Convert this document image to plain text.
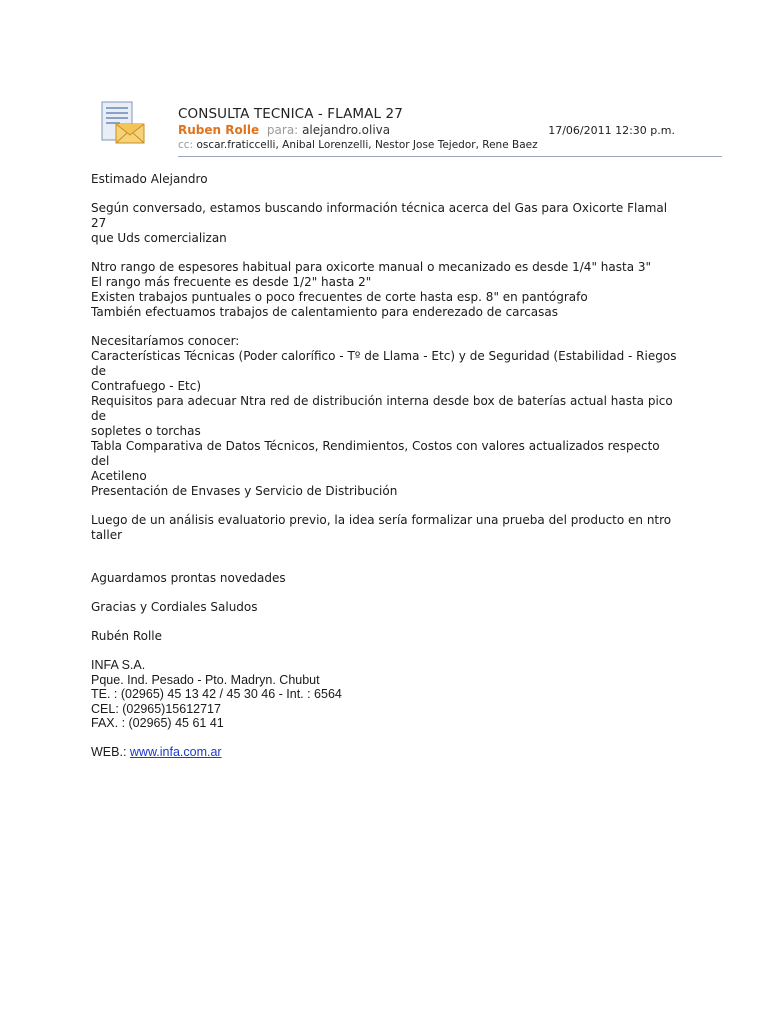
CONSULTA TECNICA - FLAMAL 27
Ruben Rolle para: alejandro.oliva	17/06/2011 12:30 p.m.
cc: oscar.fraticcelli, Anibal Lorenzelli, Nestor Jose Tejedor, Rene Baez

Estimado Alejandro

Según conversado, estamos buscando información técnica acerca del Gas para Oxicorte Flamal 27

que Uds comercializan

Ntro rango de espesores habitual para oxicorte manual o mecanizado es desde 1/4" hasta 3"

El rango más frecuente es desde 1/2" hasta 2"

Existen trabajos puntuales o poco frecuentes de corte hasta esp. 8" en pantógrafo

También efectuamos trabajos de calentamiento para enderezado de carcasas

Necesitaríamos conocer:

Características Técnicas (Poder calorífico - Tº de Llama - Etc) y de Seguridad (Estabilidad - Riegos de

Contrafuego - Etc)

Requisitos para adecuar Ntra red de distribución interna desde box de baterías actual hasta pico de

sopletes o torchas

Tabla Comparativa de Datos Técnicos, Rendimientos, Costos con valores actualizados respecto del

Acetileno

Presentación de Envases y Servicio de Distribución

Luego de un análisis evaluatorio previo, la idea sería formalizar una prueba del producto en ntro taller

Aguardamos prontas novedades

Gracias y Cordiales Saludos

Rubén Rolle

INFA S.A.

Pque. Ind. Pesado - Pto. Madryn. Chubut

TE. : (02965) 45 13 42 / 45 30 46 - Int. : 6564

CEL: (02965)15612717

FAX. : (02965) 45 61 41

WEB.: www.infa.com.ar
